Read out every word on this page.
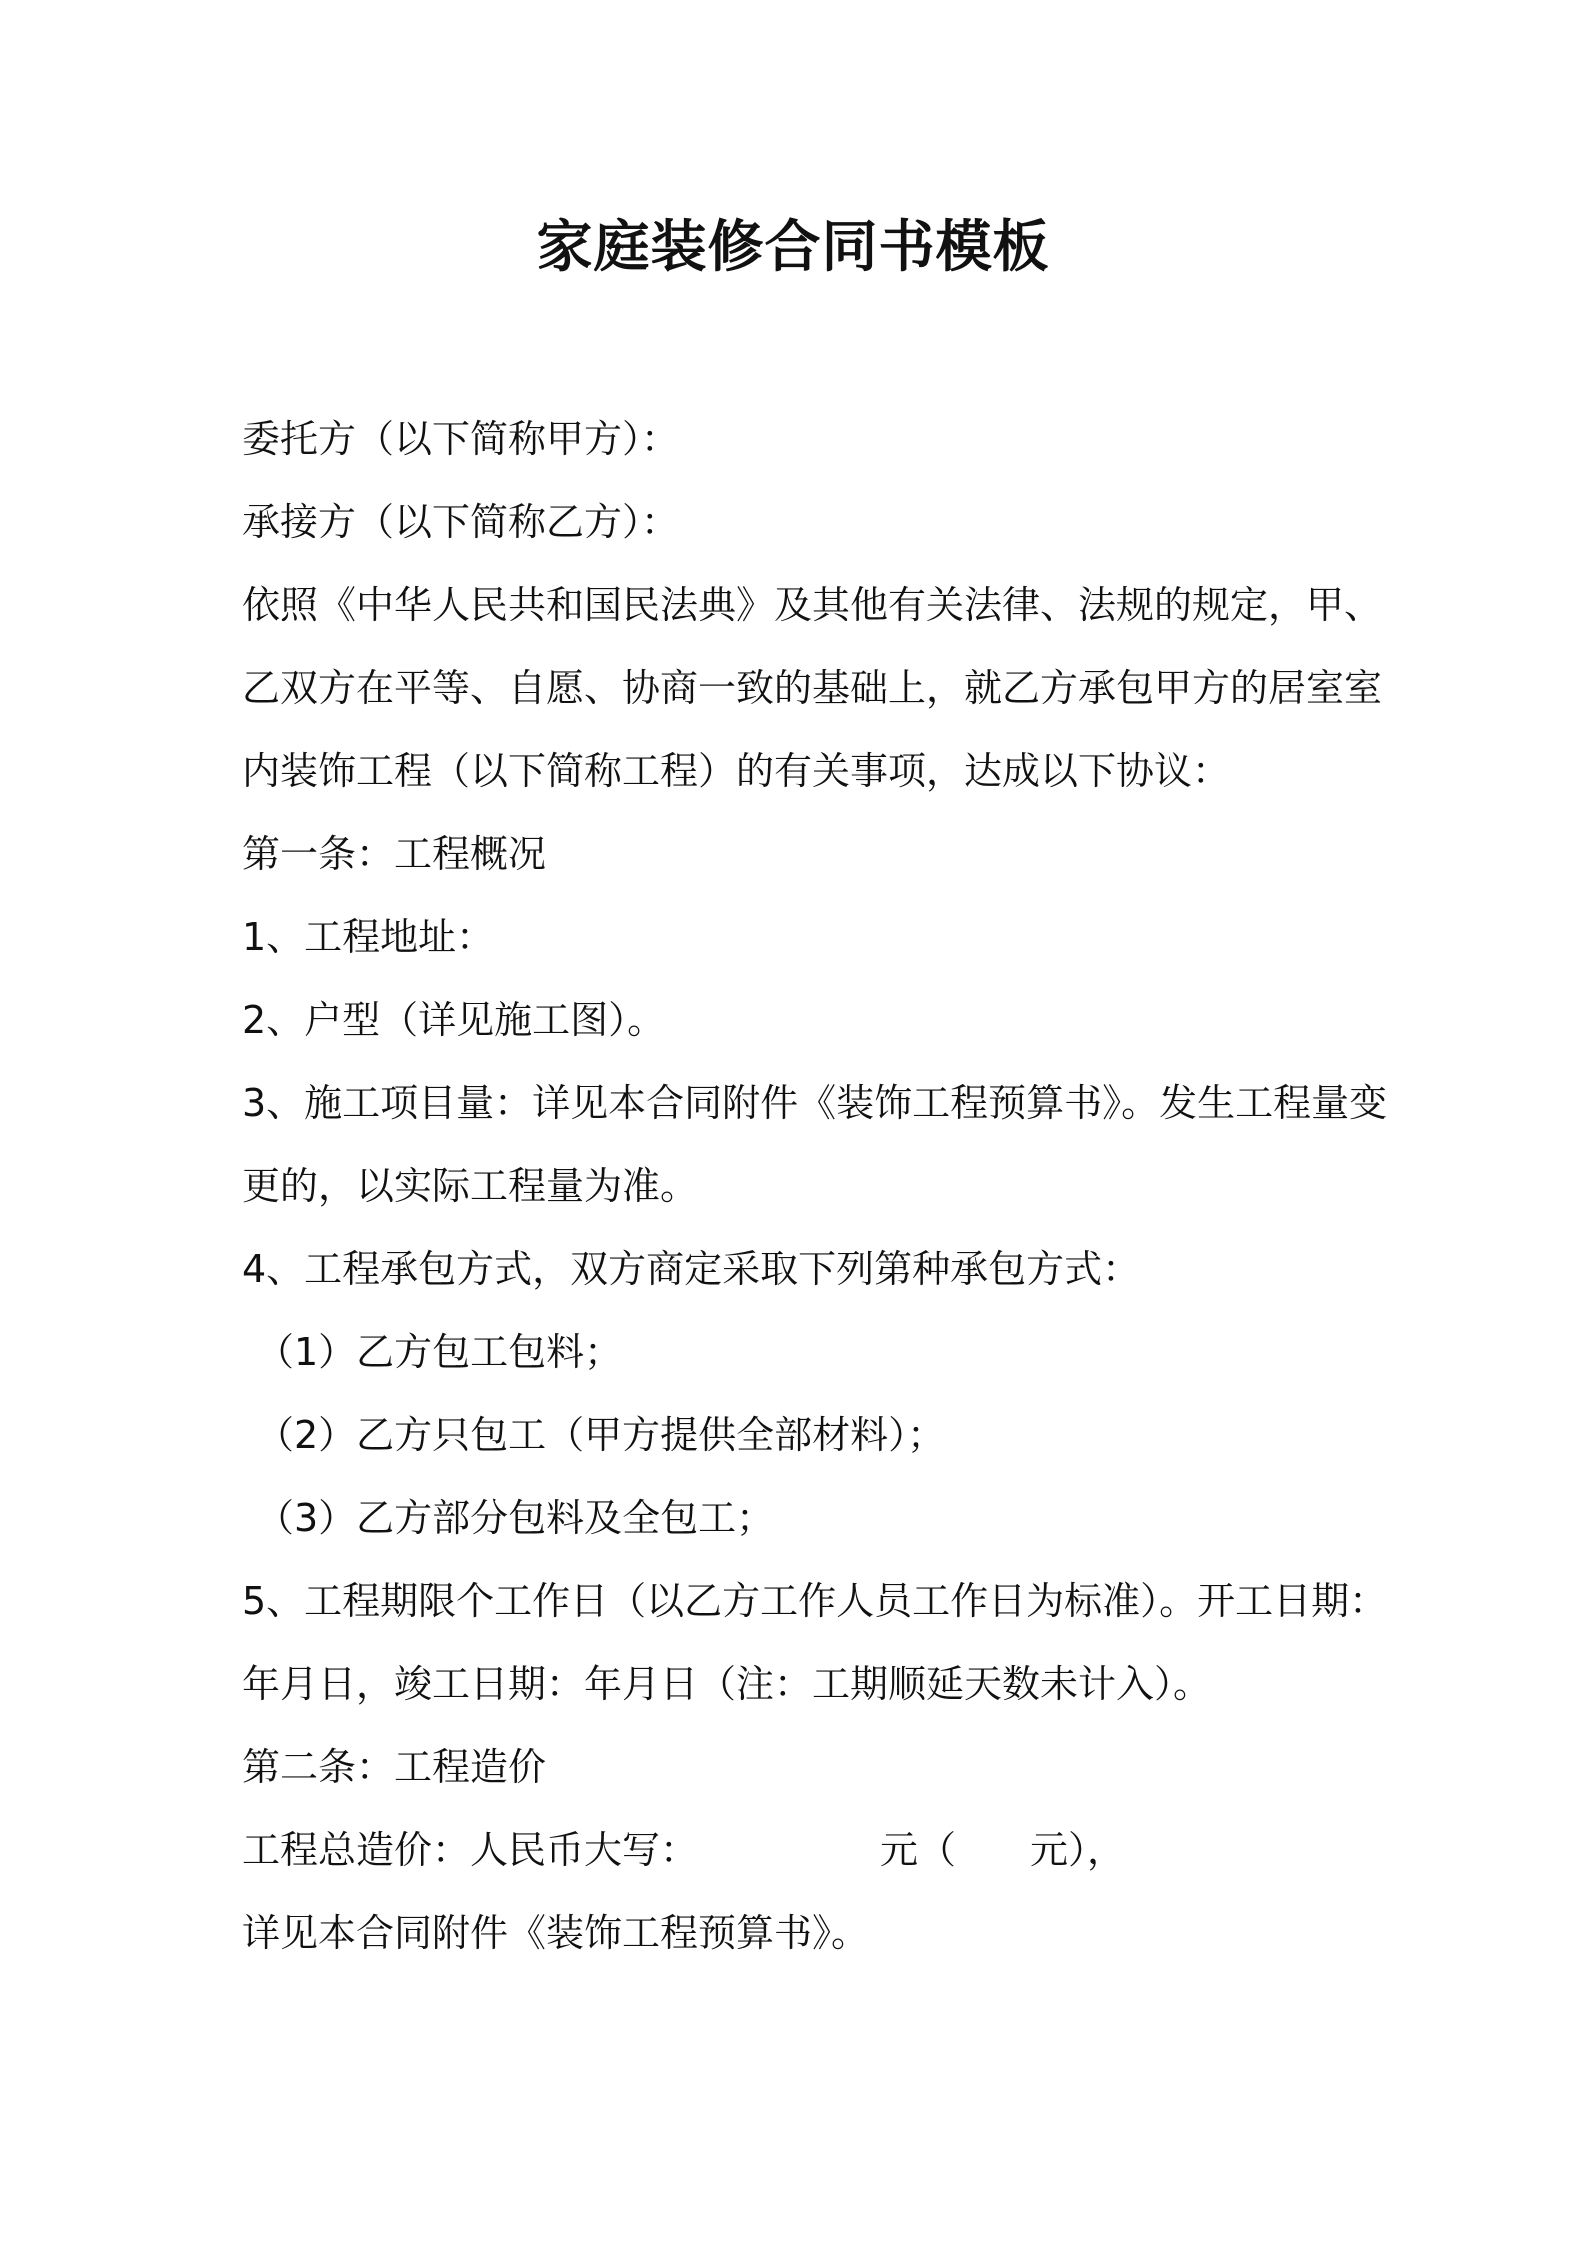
家庭装修合同书模板
委托方（以下简称甲方）：
承接方（以下简称乙方）：
依照《中华人民共和国民法典》及其他有关法律、法规的规定，甲、
乙双方在平等、自愿、协商一致的基础上，就乙方承包甲方的居室室
内装饰工程（以下简称工程）的有关事项，达成以下协议：
第一条：工程概况
1、工程地址：
2、户型（详见施工图）。
3、施工项目量：详见本合同附件《装饰工程预算书》。发生工程量变
更的，以实际工程量为准。
4、工程承包方式，双方商定采取下列第种承包方式：
（1）乙方包工包料；
（2）乙方只包工（甲方提供全部材料）；
（3）乙方部分包料及全包工；
5、工程期限个工作日（以乙方工作人员工作日为标准）。开工日期：
年月日，竣工日期：年月日（注：工期顺延天数未计入）。
第二条：工程造价
工程总造价：人民币大写：	元（ 元），
详见本合同附件《装饰工程预算书》。
